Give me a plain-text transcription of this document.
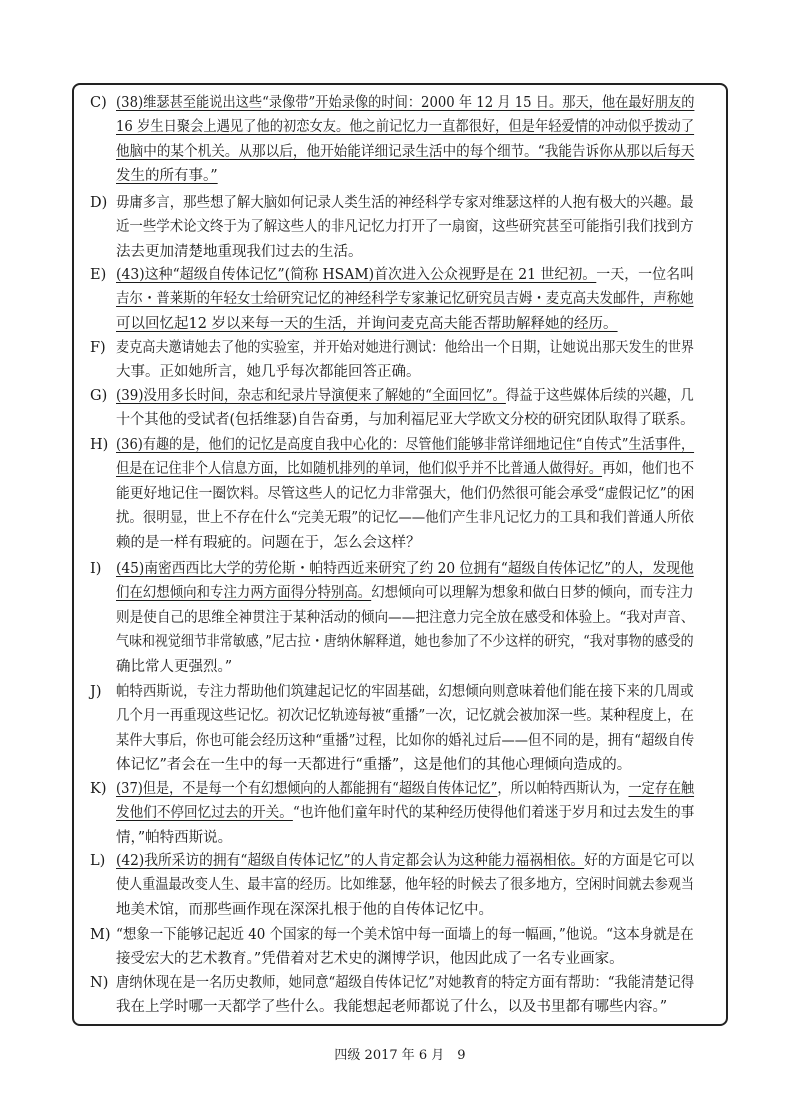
C) (38)维瑟甚至能说出这些“录像带”开始录像的时间：2000 年 12 月 15 日。那天，他在最好朋友的
16 岁生日聚会上遇见了他的初恋女友。他之前记忆力一直都很好，但是年轻爱情的冲动似乎拨动了
他脑中的某个机关。从那以后，他开始能详细记录生活中的每个细节。“我能告诉你从那以后每天
发生的所有事。”
D) 毋庸多言，那些想了解大脑如何记录人类生活的神经科学专家对维瑟这样的人抱有极大的兴趣。最
近一些学术论文终于为了解这些人的非凡记忆力打开了一扇窗，这些研究甚至可能指引我们找到方
法去更加清楚地重现我们过去的生活。
E) (43)这种“超级自传体记忆”(简称 HSAM)首次进入公众视野是在 21 世纪初。一天，一位名叫
吉尔・普莱斯的年轻女士给研究记忆的神经科学专家兼记忆研究员吉姆・麦克高夫发邮件，声称她
可以回忆起12 岁以来每一天的生活，并询问麦克高夫能否帮助解释她的经历。
F) 麦克高夫邀请她去了他的实验室，并开始对她进行测试：他给出一个日期，让她说出那天发生的世界
大事。正如她所言，她几乎每次都能回答正确。
G) (39)没用多长时间，杂志和纪录片导演便来了解她的“全面回忆”。得益于这些媒体后续的兴趣，几
十个其他的受试者(包括维瑟)自告奋勇，与加利福尼亚大学欧文分校的研究团队取得了联系。
H) (36)有趣的是，他们的记忆是高度自我中心化的：尽管他们能够非常详细地记住“自传式”生活事件，
但是在记住非个人信息方面，比如随机排列的单词，他们似乎并不比普通人做得好。再如，他们也不
能更好地记住一圈饮料。尽管这些人的记忆力非常强大，他们仍然很可能会承受“虚假记忆”的困
扰。很明显，世上不存在什么“完美无瑕”的记忆——他们产生非凡记忆力的工具和我们普通人所依
赖的是一样有瑕疵的。问题在于，怎么会这样？
I) (45)南密西西比大学的劳伦斯・帕特西近来研究了约 20 位拥有“超级自传体记忆”的人，发现他
们在幻想倾向和专注力两方面得分特别高。幻想倾向可以理解为想象和做白日梦的倾向，而专注力
则是使自己的思维全神贯注于某种活动的倾向——把注意力完全放在感受和体验上。“我对声音、
气味和视觉细节非常敏感，”尼古拉・唐纳休解释道，她也参加了不少这样的研究，“我对事物的感受的
确比常人更强烈。”
J) 帕特西斯说，专注力帮助他们筑建起记忆的牢固基础，幻想倾向则意味着他们能在接下来的几周或
几个月一再重现这些记忆。初次记忆轨迹每被“重播”一次，记忆就会被加深一些。某种程度上，在
某件大事后，你也可能会经历这种“重播”过程，比如你的婚礼过后——但不同的是，拥有“超级自传
体记忆”者会在一生中的每一天都进行“重播”，这是他们的其他心理倾向造成的。
K) (37)但是，不是每一个有幻想倾向的人都能拥有“超级自传体记忆”，所以帕特西斯认为，一定存在触
发他们不停回忆过去的开关。“也许他们童年时代的某种经历使得他们着迷于岁月和过去发生的事
情，”帕特西斯说。
L) (42)我所采访的拥有“超级自传体记忆”的人肯定都会认为这种能力福祸相依。好的方面是它可以
使人重温最改变人生、最丰富的经历。比如维瑟，他年轻的时候去了很多地方，空闲时间就去参观当
地美术馆，而那些画作现在深深扎根于他的自传体记忆中。
M) “想象一下能够记起近 40 个国家的每一个美术馆中每一面墙上的每一幅画，”他说。“这本身就是在
接受宏大的艺术教育。”凭借着对艺术史的渊博学识，他因此成了一名专业画家。
N) 唐纳休现在是一名历史教师，她同意“超级自传体记忆”对她教育的特定方面有帮助：“我能清楚记得
我在上学时哪一天都学了些什么。我能想起老师都说了什么，以及书里都有哪些内容。”
四级 2017 年 6 月　9
